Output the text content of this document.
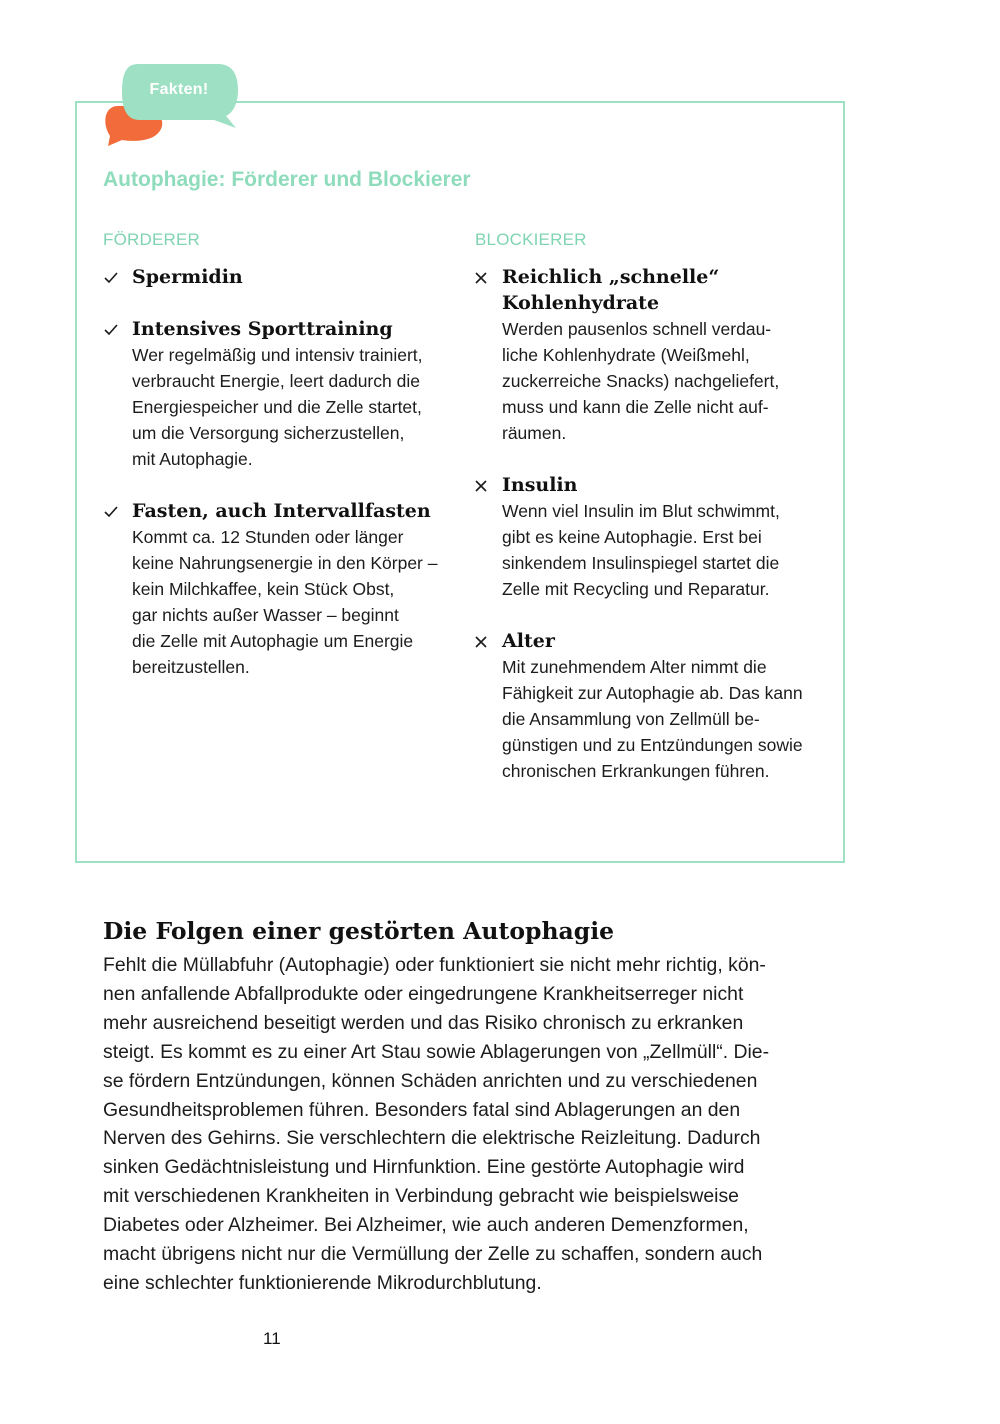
Fakten!
Autophagie: Förderer und Blockierer
FÖRDERER	BLOCKIERER
Spermidin
Intensives Sporttraining
Wer regelmäßig und intensiv trainiert,
verbraucht Energie, leert dadurch die
Energiespeicher und die Zelle startet,
um die Versorgung sicherzustellen,
mit Autophagie.
Fasten, auch Intervallfasten
Kommt ca. 12 Stunden oder länger
keine Nahrungsenergie in den Körper –
kein Milchkaffee, kein Stück Obst,
gar nichts außer Wasser – beginnt
die Zelle mit Autophagie um Energie
bereitzustellen.
Reichlich „schnelle“
Kohlenhydrate
Werden pausenlos schnell verdau-
liche Kohlenhydrate (Weißmehl,
zuckerreiche Snacks) nachgeliefert,
muss und kann die Zelle nicht auf-
räumen.
Insulin
Wenn viel Insulin im Blut schwimmt,
gibt es keine Autophagie. Erst bei
sinkendem Insulinspiegel startet die
Zelle mit Recycling und Reparatur.
Alter
Mit zunehmendem Alter nimmt die
Fähigkeit zur Autophagie ab. Das kann
die Ansammlung von Zellmüll be-
günstigen und zu Entzündungen sowie
chronischen Erkrankungen führen.
Die Folgen einer gestörten Autophagie
Fehlt die Müllabfuhr (Autophagie) oder funktioniert sie nicht mehr richtig, kön-
nen anfallende Abfallprodukte oder eingedrungene Krankheitserreger nicht
mehr ausreichend beseitigt werden und das Risiko chronisch zu erkranken
steigt. Es kommt es zu einer Art Stau sowie Ablagerungen von „Zellmüll“. Die-
se fördern Entzündungen, können Schäden anrichten und zu verschiedenen
Gesundheitsproblemen führen. Besonders fatal sind Ablagerungen an den
Nerven des Gehirns. Sie verschlechtern die elektrische Reizleitung. Dadurch
sinken Gedächtnisleistung und Hirnfunktion. Eine gestörte Autophagie wird
mit verschiedenen Krankheiten in Verbindung gebracht wie beispielsweise
Diabetes oder Alzheimer. Bei Alzheimer, wie auch anderen Demenzformen,
macht übrigens nicht nur die Vermüllung der Zelle zu schaffen, sondern auch
eine schlechter funktionierende Mikrodurchblutung.
11
